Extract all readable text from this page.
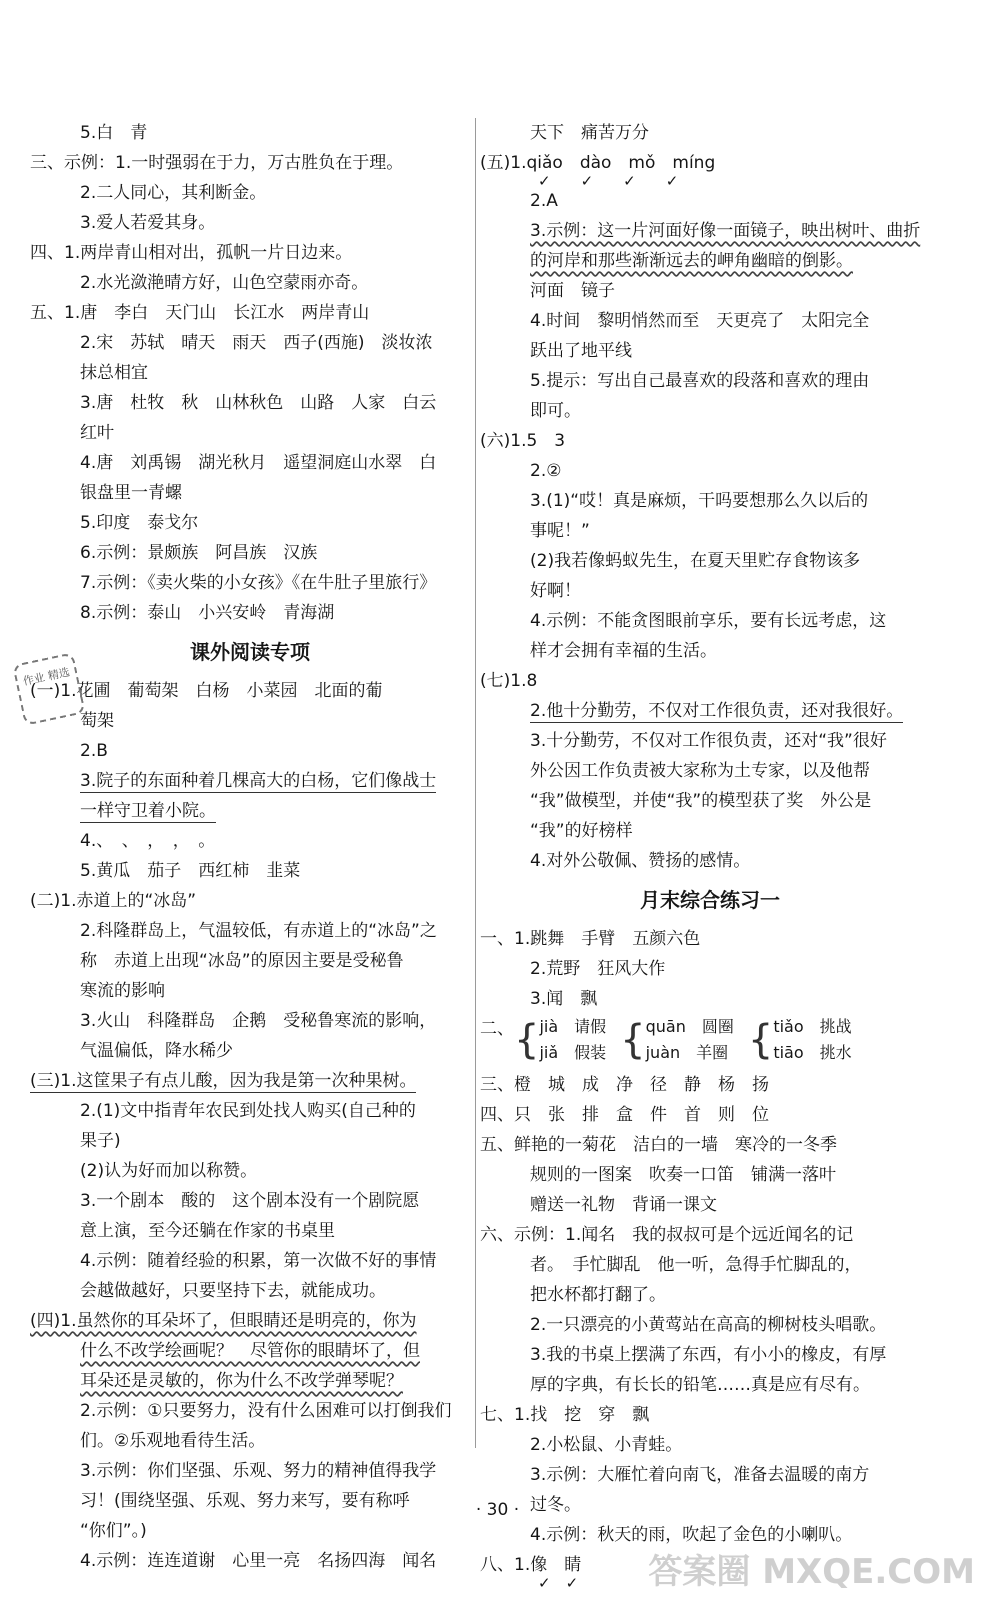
5.白　青
三、示例：1.一时强弱在于力，万古胜负在于理。
2.二人同心，其利断金。
3.爱人若爱其身。
四、1.两岸青山相对出，孤帆一片日边来。
2.水光潋滟晴方好，山色空蒙雨亦奇。
五、1.唐　李白　天门山　长江水　两岸青山
2.宋　苏轼　晴天　雨天　西子(西施)　淡妆浓
抹总相宜
3.唐　杜牧　秋　山林秋色　山路　人家　白云
红叶
4.唐　刘禹锡　湖光秋月　遥望洞庭山水翠　白
银盘里一青螺
5.印度　泰戈尔
6.示例：景颇族　阿昌族　汉族
7.示例：《卖火柴的小女孩》《在牛肚子里旅行》
8.示例：泰山　小兴安岭　青海湖
课外阅读专项
(一)1.花圃　葡萄架　白杨　小菜园　北面的葡
萄架
2.B
3.院子的东面种着几棵高大的白杨，它们像战士
一样守卫着小院。
4.、　、　，　，　。
5.黄瓜　茄子　西红柿　韭菜
(二)1.赤道上的“冰岛”
2.科隆群岛上，气温较低，有赤道上的“冰岛”之
称　赤道上出现“冰岛”的原因主要是受秘鲁
寒流的影响
3.火山　科隆群岛　企鹅　受秘鲁寒流的影响，
气温偏低，降水稀少
(三)1.这筐果子有点儿酸，因为我是第一次种果树。
2.(1)文中指青年农民到处找人购买(自己种的
果子)
(2)认为好而加以称赞。
3.一个剧本　酸的　这个剧本没有一个剧院愿
意上演，至今还躺在作家的书桌里
4.示例：随着经验的积累，第一次做不好的事情
会越做越好，只要坚持下去，就能成功。
(四)1.虽然你的耳朵坏了，但眼睛还是明亮的，你为
什么不改学绘画呢？　尽管你的眼睛坏了，但
耳朵还是灵敏的，你为什么不改学弹琴呢？
2.示例：①只要努力，没有什么困难可以打倒我们
们。②乐观地看待生活。
3.示例：你们坚强、乐观、努力的精神值得我学
习！(围绕坚强、乐观、努力来写，要有称呼
“你们”。)
4.示例：连连道谢　心里一亮　名扬四海　闻名
天下　痛苦万分
(五)1.qiǎo　dào　mǒ　míng
✓　　✓　　✓　　✓
2.A
3.示例：这一片河面好像一面镜子，映出树叶、曲折
的河岸和那些渐渐远去的岬角幽暗的倒影。
河面　镜子
4.时间　黎明悄然而至　天更亮了　太阳完全
跃出了地平线
5.提示：写出自己最喜欢的段落和喜欢的理由
即可。
(六)1.5　3
2.②
3.(1)“哎！真是麻烦，干吗要想那么久以后的
事呢！”
(2)我若像蚂蚁先生，在夏天里贮存食物该多
好啊！
4.示例：不能贪图眼前享乐，要有长远考虑，这
样才会拥有幸福的生活。
(七)1.8
2.他十分勤劳，不仅对工作很负责，还对我很好。
3.十分勤劳，不仅对工作很负责，还对“我”很好
外公因工作负责被大家称为土专家，以及他帮
“我”做模型，并使“我”的模型获了奖　外公是
“我”的好榜样
4.对外公敬佩、赞扬的感情。
月末综合练习一
一、1.跳舞　手臂　五颜六色
2.荒野　狂风大作
3.闻　飘
二、{ jià　请假
jiǎ　假装 { quān　圆圈
juàn　羊圈 { tiǎo　挑战
tiāo　挑水
三、橙　城　成　净　径　静　杨　扬
四、只　张　排　盒　件　首　则　位
五、鲜艳的一菊花　洁白的一墙　寒冷的一冬季
规则的一图案　吹奏一口笛　铺满一落叶
赠送一礼物　背诵一课文
六、示例：1.闻名　我的叔叔可是个远近闻名的记
者。　手忙脚乱　他一听，急得手忙脚乱的，
把水杯都打翻了。
2.一只漂亮的小黄莺站在高高的柳树枝头唱歌。
3.我的书桌上摆满了东西，有小小的橡皮，有厚
厚的字典，有长长的铅笔……真是应有尽有。
七、1.找　挖　穿　飘
2.小松鼠、小青蛙。
3.示例：大雁忙着向南飞，准备去温暖的南方
过冬。
4.示例：秋天的雨，吹起了金色的小喇叭。
八、1.像　睛
✓　✓
作业 精选
· 30 ·
答案圈 MXQE.COM
